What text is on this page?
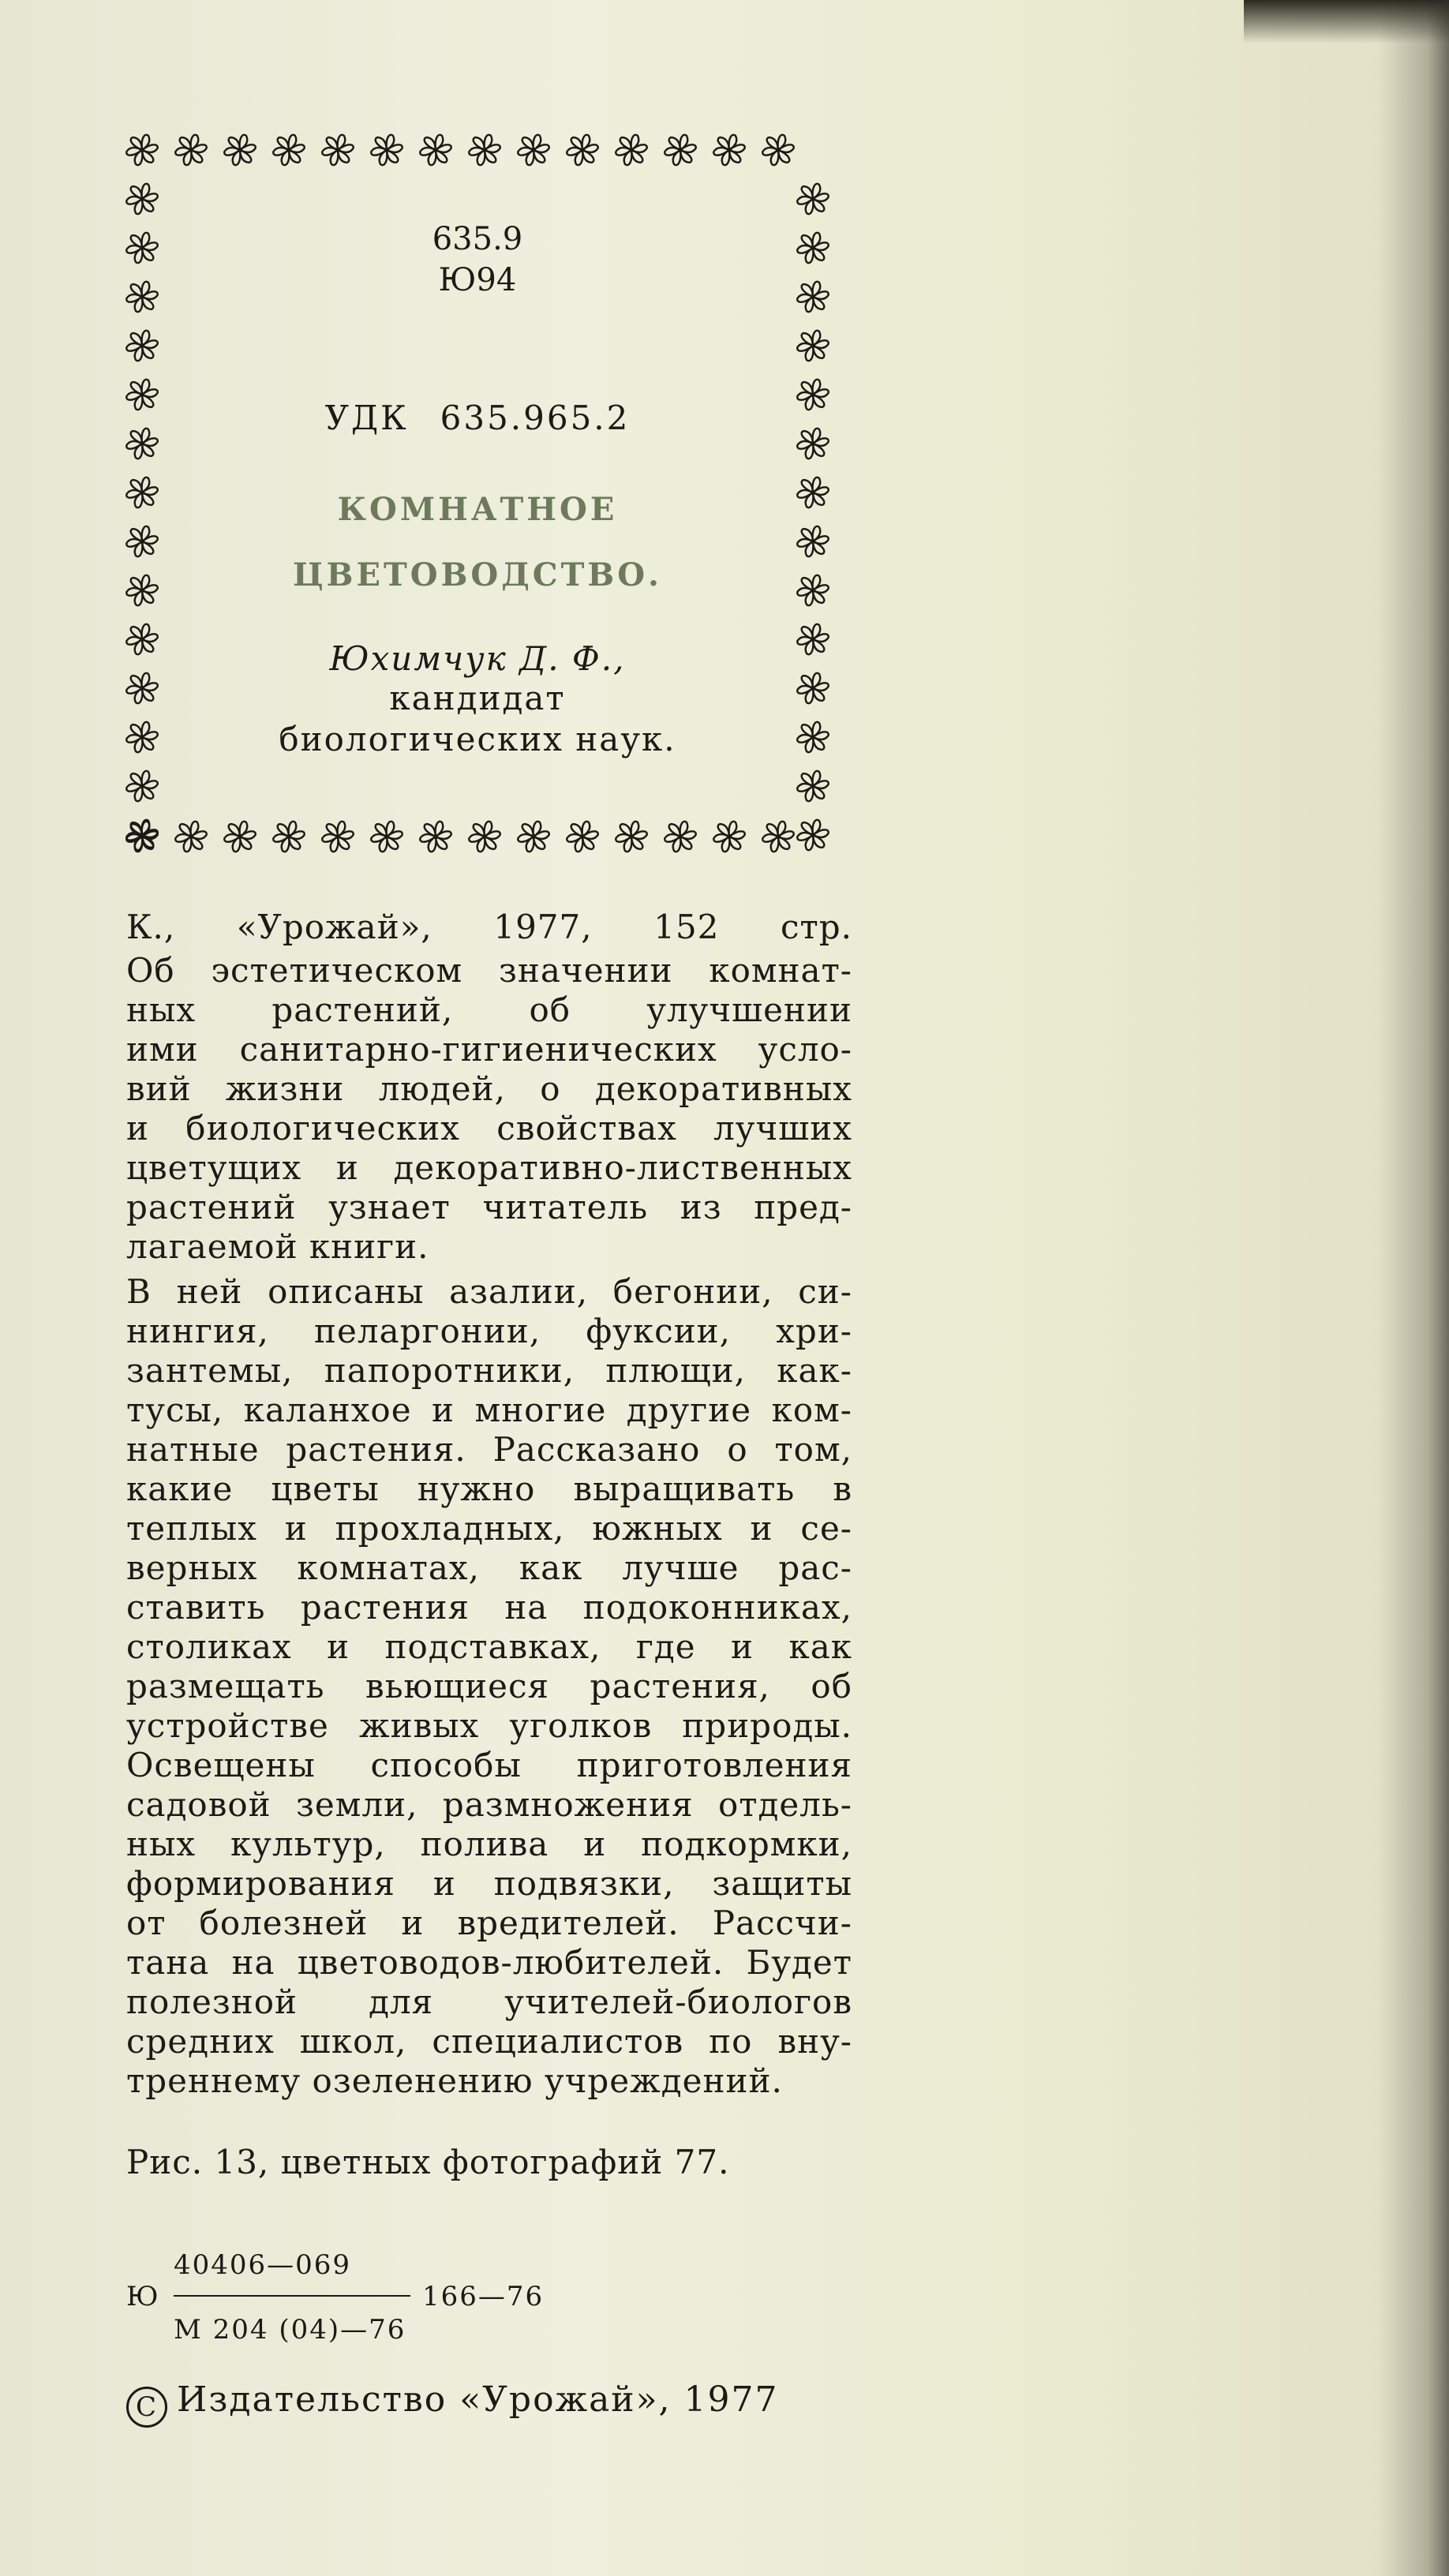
635.9
Ю94
УДК 635.965.2
КОМНАТНОЕ
ЦВЕТОВОДСТВО.
Юхимчук Д. Ф.,
кандидат
биологических наук.
К., «Урожай», 1977, 152 стр.
Об эстетическом значении комнат-
ных растений, об улучшении
ими санитарно-гигиенических усло-
вий жизни людей, о декоративных
и биологических свойствах лучших
цветущих и декоративно-лиственных
растений узнает читатель из пред-
лагаемой книги.
В ней описаны азалии, бегонии, си-
нингия, пеларгонии, фуксии, хри-
зантемы, папоротники, плющи, как-
тусы, каланхое и многие другие ком-
натные растения. Рассказано о том,
какие цветы нужно выращивать в
теплых и прохладных, южных и се-
верных комнатах, как лучше рас-
ставить растения на подоконниках,
столиках и подставках, где и как
размещать вьющиеся растения, об
устройстве живых уголков природы.
Освещены способы приготовления
садовой земли, размножения отдель-
ных культур, полива и подкормки,
формирования и подвязки, защиты
от болезней и вредителей. Рассчи-
тана на цветоводов-любителей. Будет
полезной для учителей-биологов
средних школ, специалистов по вну-
треннему озеленению учреждений.
Рис. 13, цветных фотографий 77.
40406—069
Ю	166—76
М 204 (04)—76
C Издательство «Урожай», 1977
